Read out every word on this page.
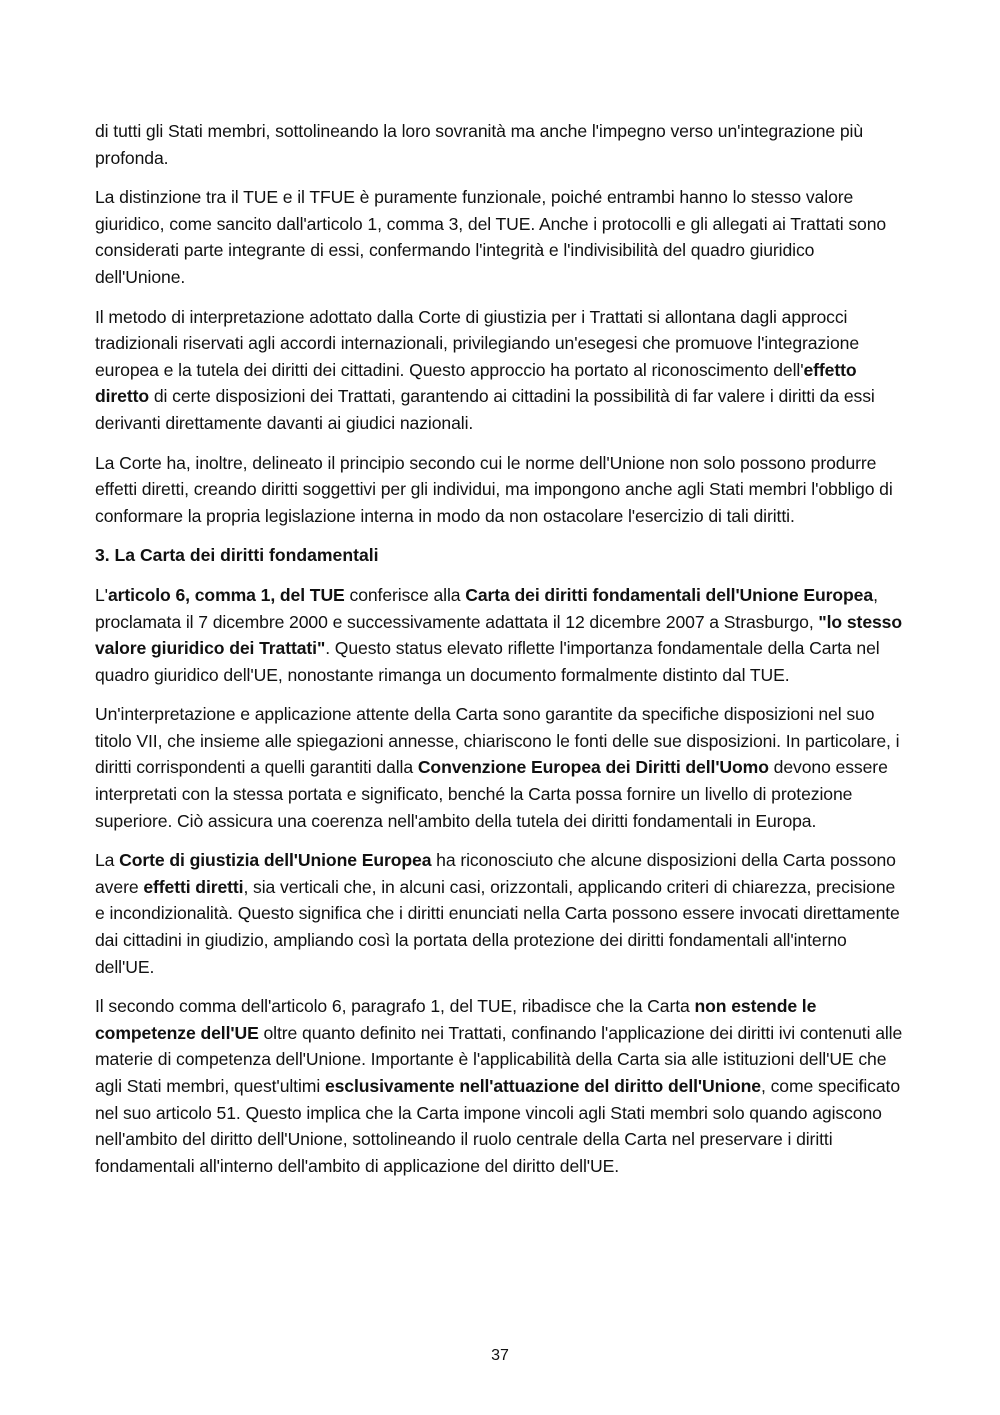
di tutti gli Stati membri, sottolineando la loro sovranità ma anche l'impegno verso un'integrazione più profonda.

La distinzione tra il TUE e il TFUE è puramente funzionale, poiché entrambi hanno lo stesso valore giuridico, come sancito dall'articolo 1, comma 3, del TUE. Anche i protocolli e gli allegati ai Trattati sono considerati parte integrante di essi, confermando l'integrità e l'indivisibilità del quadro giuridico dell'Unione.

Il metodo di interpretazione adottato dalla Corte di giustizia per i Trattati si allontana dagli approcci tradizionali riservati agli accordi internazionali, privilegiando un'esegesi che promuove l'integrazione europea e la tutela dei diritti dei cittadini. Questo approccio ha portato al riconoscimento dell'effetto diretto di certe disposizioni dei Trattati, garantendo ai cittadini la possibilità di far valere i diritti da essi derivanti direttamente davanti ai giudici nazionali.

La Corte ha, inoltre, delineato il principio secondo cui le norme dell'Unione non solo possono produrre effetti diretti, creando diritti soggettivi per gli individui, ma impongono anche agli Stati membri l'obbligo di conformare la propria legislazione interna in modo da non ostacolare l'esercizio di tali diritti.

3. La Carta dei diritti fondamentali

L'articolo 6, comma 1, del TUE conferisce alla Carta dei diritti fondamentali dell'Unione Europea, proclamata il 7 dicembre 2000 e successivamente adattata il 12 dicembre 2007 a Strasburgo, "lo stesso valore giuridico dei Trattati". Questo status elevato riflette l'importanza fondamentale della Carta nel quadro giuridico dell'UE, nonostante rimanga un documento formalmente distinto dal TUE.

Un'interpretazione e applicazione attente della Carta sono garantite da specifiche disposizioni nel suo titolo VII, che insieme alle spiegazioni annesse, chiariscono le fonti delle sue disposizioni. In particolare, i diritti corrispondenti a quelli garantiti dalla Convenzione Europea dei Diritti dell'Uomo devono essere interpretati con la stessa portata e significato, benché la Carta possa fornire un livello di protezione superiore. Ciò assicura una coerenza nell'ambito della tutela dei diritti fondamentali in Europa.

La Corte di giustizia dell'Unione Europea ha riconosciuto che alcune disposizioni della Carta possono avere effetti diretti, sia verticali che, in alcuni casi, orizzontali, applicando criteri di chiarezza, precisione e incondizionalità. Questo significa che i diritti enunciati nella Carta possono essere invocati direttamente dai cittadini in giudizio, ampliando così la portata della protezione dei diritti fondamentali all'interno dell'UE.

Il secondo comma dell'articolo 6, paragrafo 1, del TUE, ribadisce che la Carta non estende le competenze dell'UE oltre quanto definito nei Trattati, confinando l'applicazione dei diritti ivi contenuti alle materie di competenza dell'Unione. Importante è l'applicabilità della Carta sia alle istituzioni dell'UE che agli Stati membri, quest'ultimi esclusivamente nell'attuazione del diritto dell'Unione, come specificato nel suo articolo 51. Questo implica che la Carta impone vincoli agli Stati membri solo quando agiscono nell'ambito del diritto dell'Unione, sottolineando il ruolo centrale della Carta nel preservare i diritti fondamentali all'interno dell'ambito di applicazione del diritto dell'UE.

37
